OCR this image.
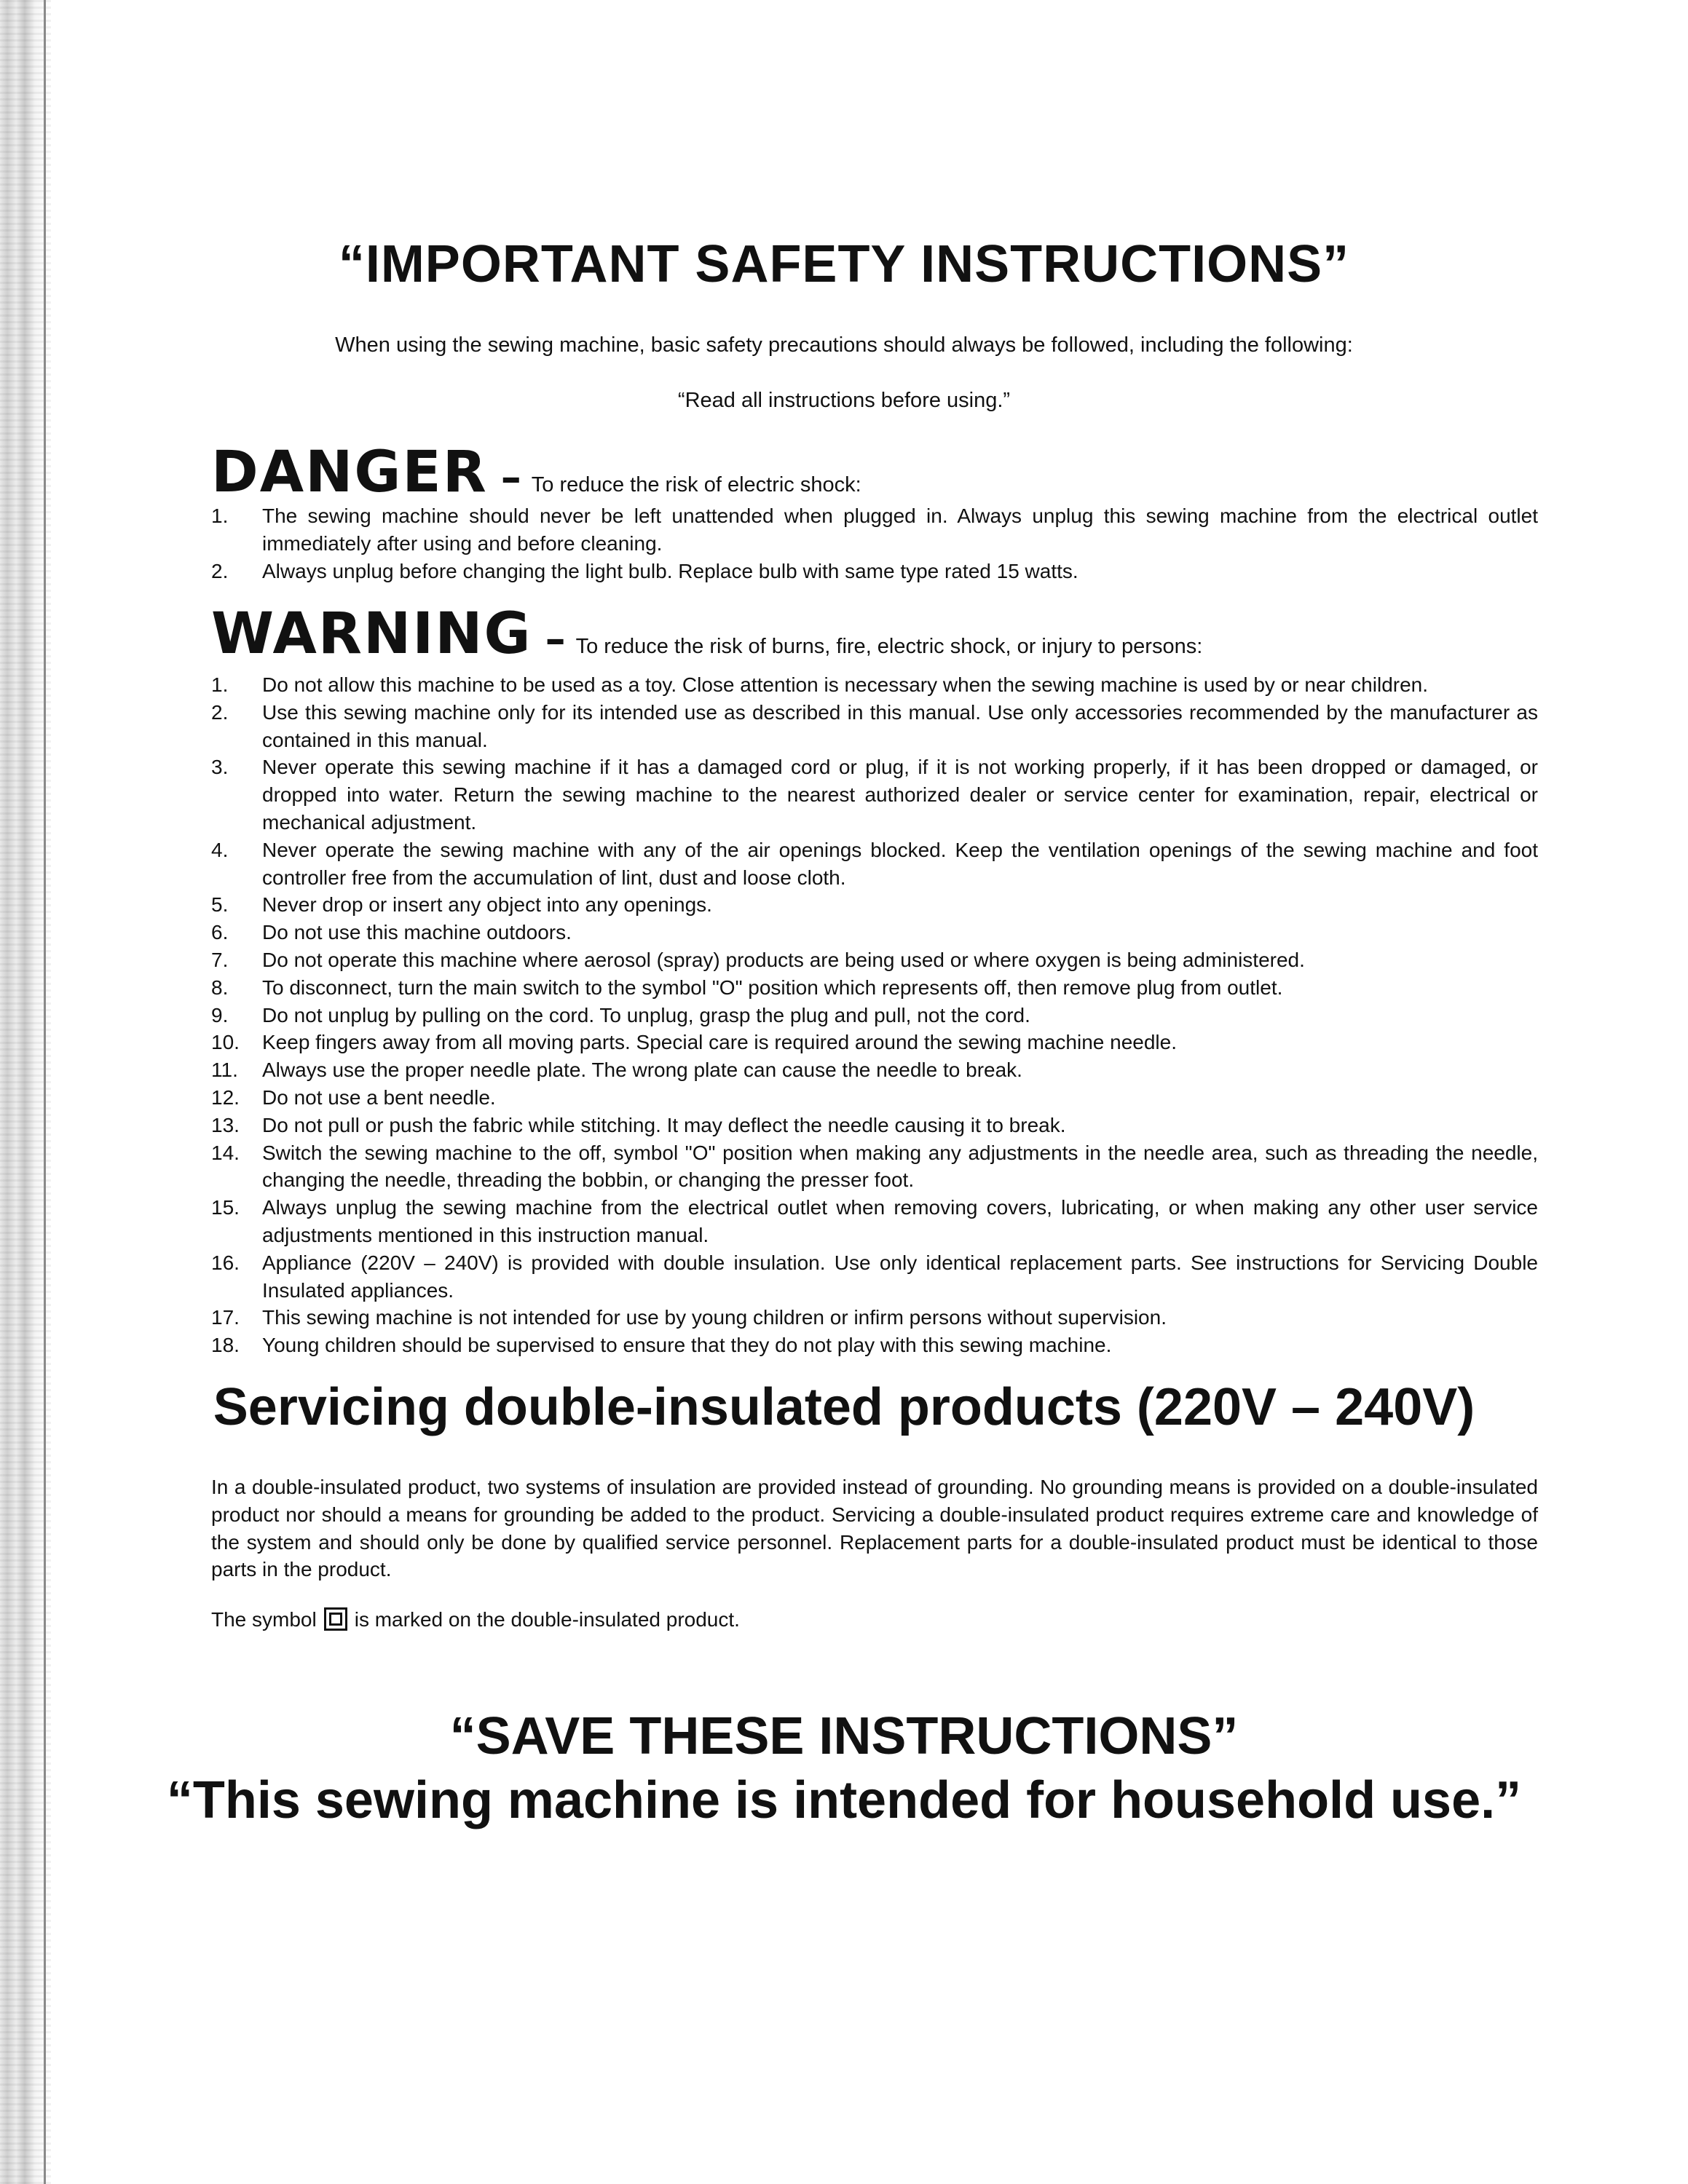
“IMPORTANT SAFETY INSTRUCTIONS”
When using the sewing machine, basic safety precautions should always be followed, including the following:
“Read all instructions before using.”
DANGER – To reduce the risk of electric shock:
1. The sewing machine should never be left unattended when plugged in. Always unplug this sewing machine from the electrical outlet immediately after using and before cleaning.
2. Always unplug before changing the light bulb. Replace bulb with same type rated 15 watts.
WARNING – To reduce the risk of burns, fire, electric shock, or injury to persons:
1. Do not allow this machine to be used as a toy. Close attention is necessary when the sewing machine is used by or near children.
2. Use this sewing machine only for its intended use as described in this manual. Use only accessories recommended by the manufacturer as contained in this manual.
3. Never operate this sewing machine if it has a damaged cord or plug, if it is not working properly, if it has been dropped or damaged, or dropped into water. Return the sewing machine to the nearest authorized dealer or service center for examination, repair, electrical or mechanical adjustment.
4. Never operate the sewing machine with any of the air openings blocked. Keep the ventilation openings of the sewing machine and foot controller free from the accumulation of lint, dust and loose cloth.
5. Never drop or insert any object into any openings.
6. Do not use this machine outdoors.
7. Do not operate this machine where aerosol (spray) products are being used or where oxygen is being administered.
8. To disconnect, turn the main switch to the symbol "O" position which represents off, then remove plug from outlet.
9. Do not unplug by pulling on the cord. To unplug, grasp the plug and pull, not the cord.
10. Keep fingers away from all moving parts. Special care is required around the sewing machine needle.
11. Always use the proper needle plate. The wrong plate can cause the needle to break.
12. Do not use a bent needle.
13. Do not pull or push the fabric while stitching. It may deflect the needle causing it to break.
14. Switch the sewing machine to the off, symbol "O" position when making any adjustments in the needle area, such as threading the needle, changing the needle, threading the bobbin, or changing the presser foot.
15. Always unplug the sewing machine from the electrical outlet when removing covers, lubricating, or when making any other user service adjustments mentioned in this instruction manual.
16. Appliance (220V – 240V) is provided with double insulation. Use only identical replacement parts. See instructions for Servicing Double Insulated appliances.
17. This sewing machine is not intended for use by young children or infirm persons without supervision.
18. Young children should be supervised to ensure that they do not play with this sewing machine.
Servicing double-insulated products (220V – 240V)

In a double-insulated product, two systems of insulation are provided instead of grounding. No grounding means is provided on a double-insulated product nor should a means for grounding be added to the product. Servicing a double-insulated product requires extreme care and knowledge of the system and should only be done by qualified service personnel. Replacement parts for a double-insulated product must be identical to those parts in the product.

The symbol is marked on the double-insulated product.
“SAVE THESE INSTRUCTIONS”
“This sewing machine is intended for household use.”
